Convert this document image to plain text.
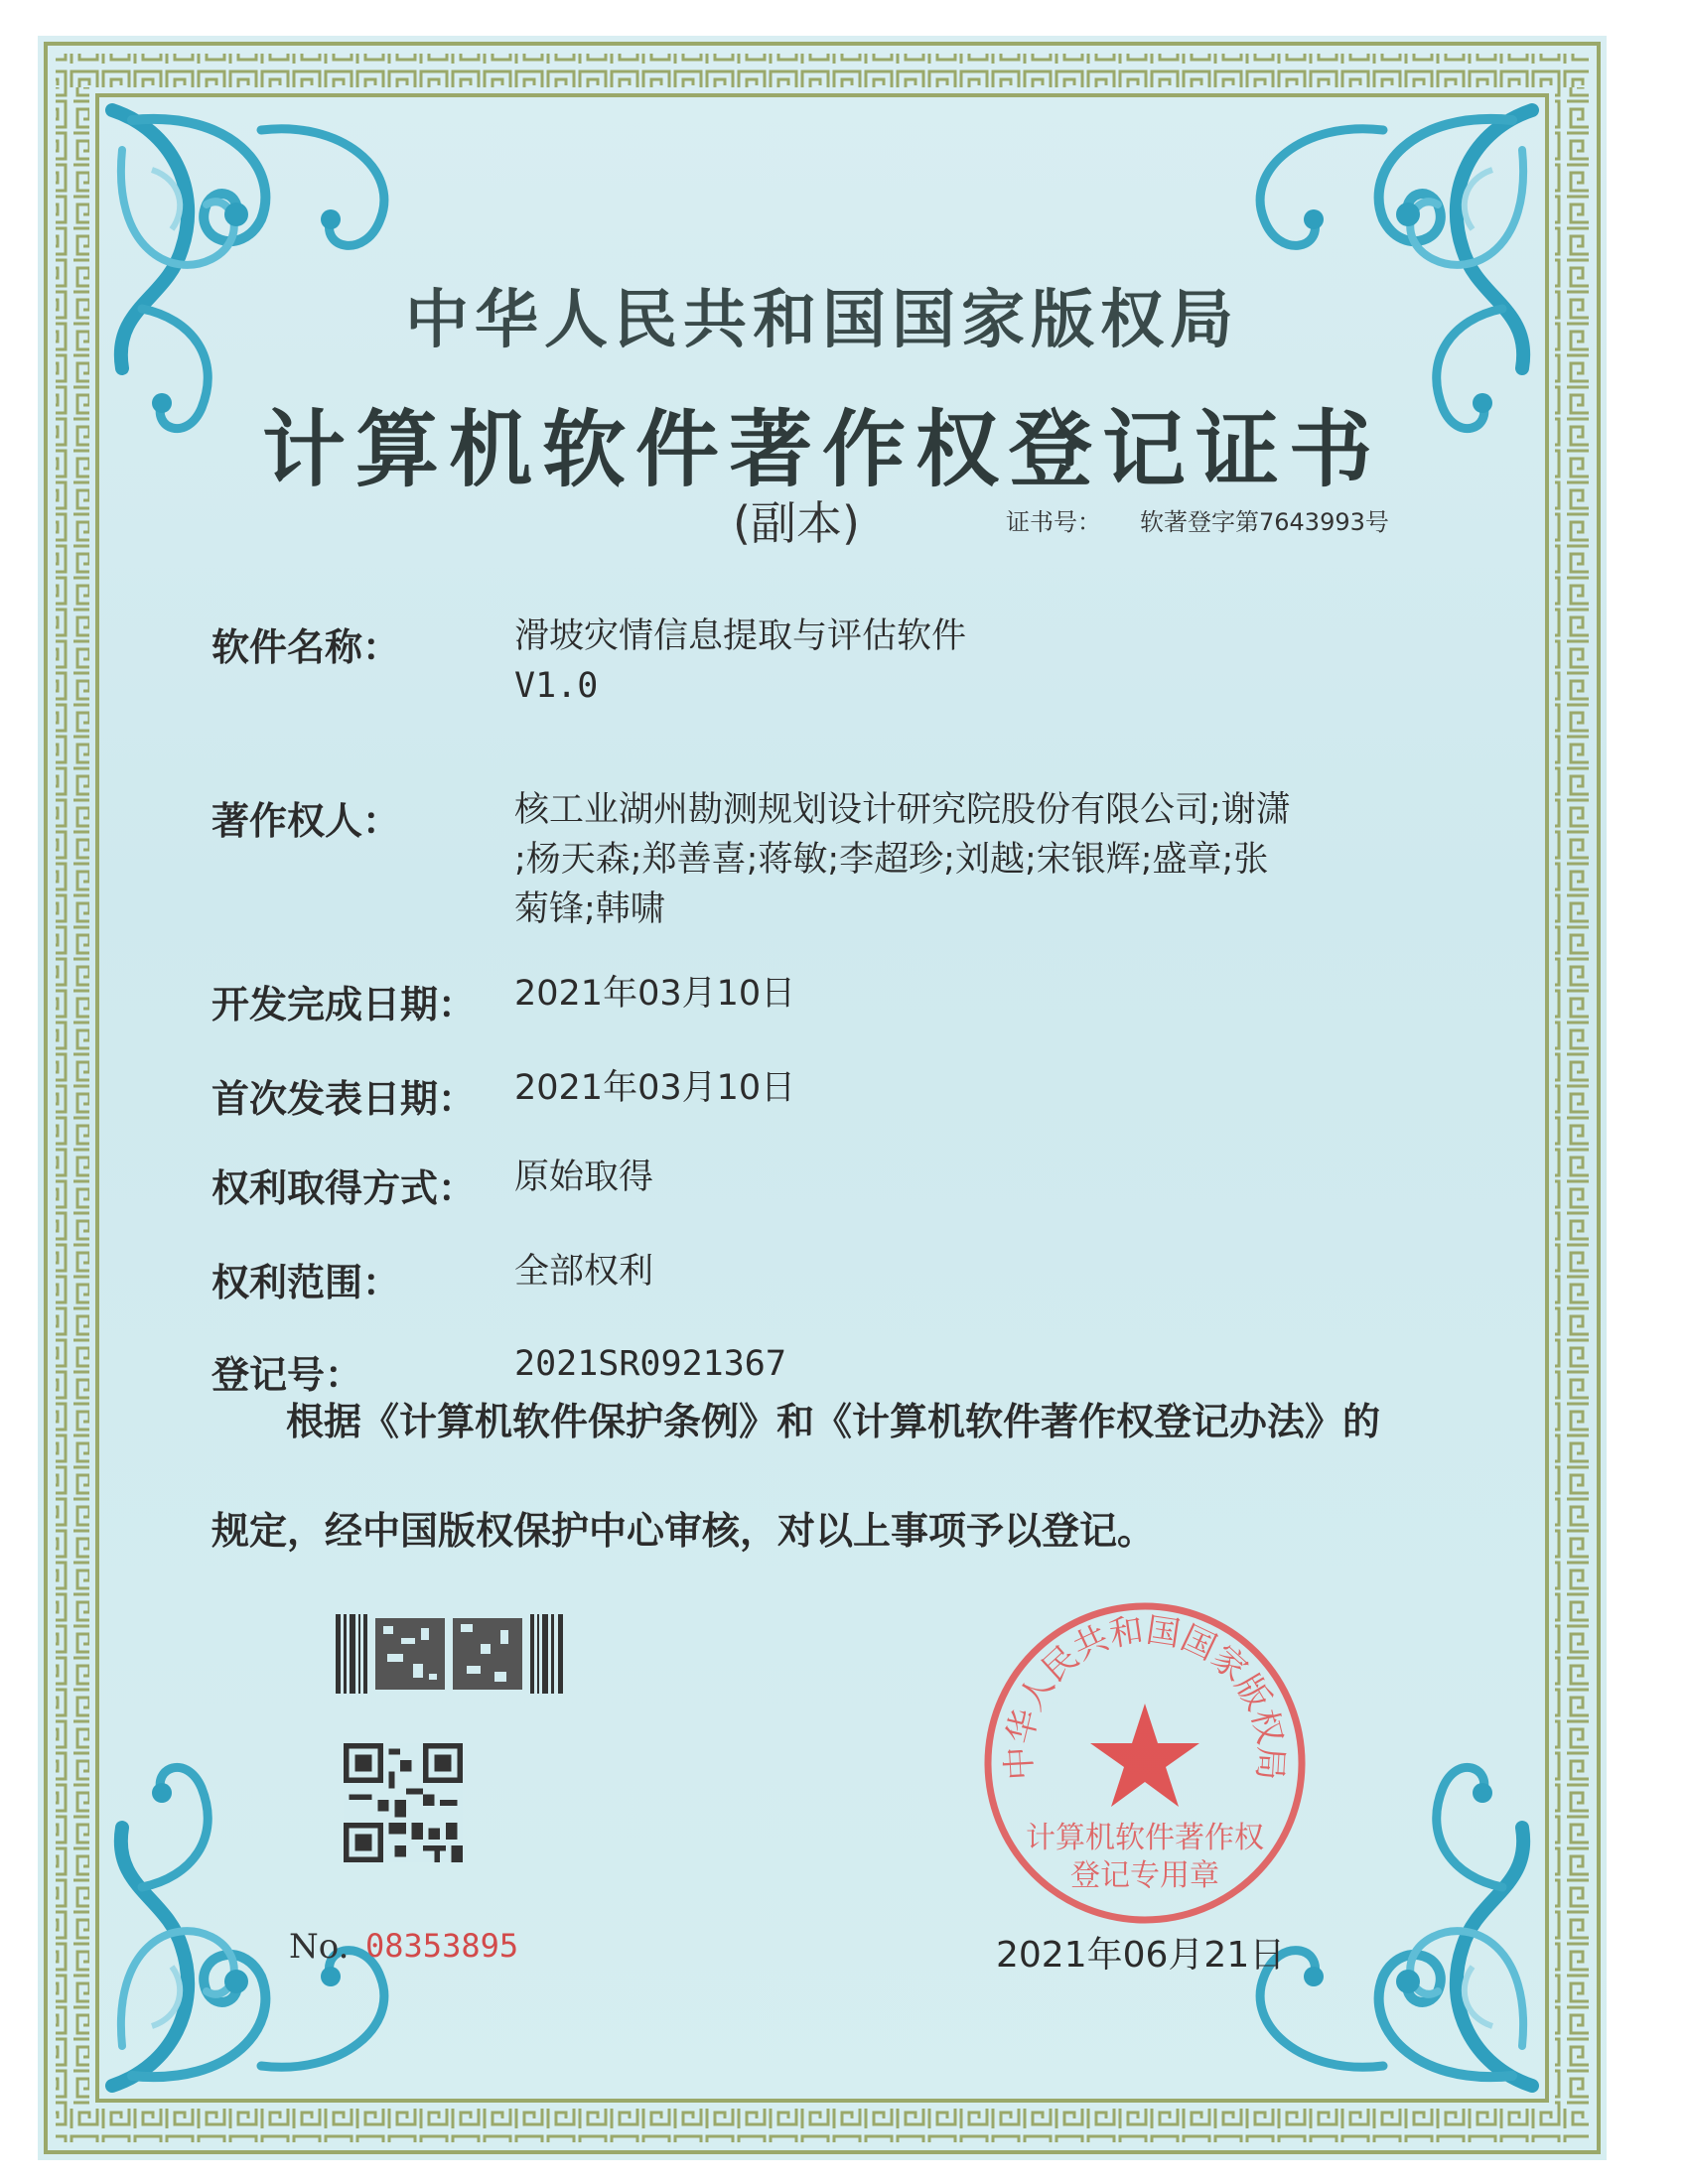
中华人民共和国国家版权局
计算机软件著作权登记证书
(副本)	证书号： 软著登字第7643993号
软件名称：	滑坡灾情信息提取与评估软件
V1.0
著作权人：	核工业湖州勘测规划设计研究院股份有限公司;谢潇
;杨天森;郑善喜;蒋敏;李超珍;刘越;宋银辉;盛章;张
菊锋;韩啸
开发完成日期：	2021年03月10日
首次发表日期：	2021年03月10日
权利取得方式：	原始取得
权利范围：	全部权利
登记号：	2021SR0921367
根据《计算机软件保护条例》和《计算机软件著作权登记办法》的
规定，经中国版权保护中心审核，对以上事项予以登记。
No. 08353895
中华人民共和国国家版权局
计算机软件著作权
登记专用章
2021年06月21日
